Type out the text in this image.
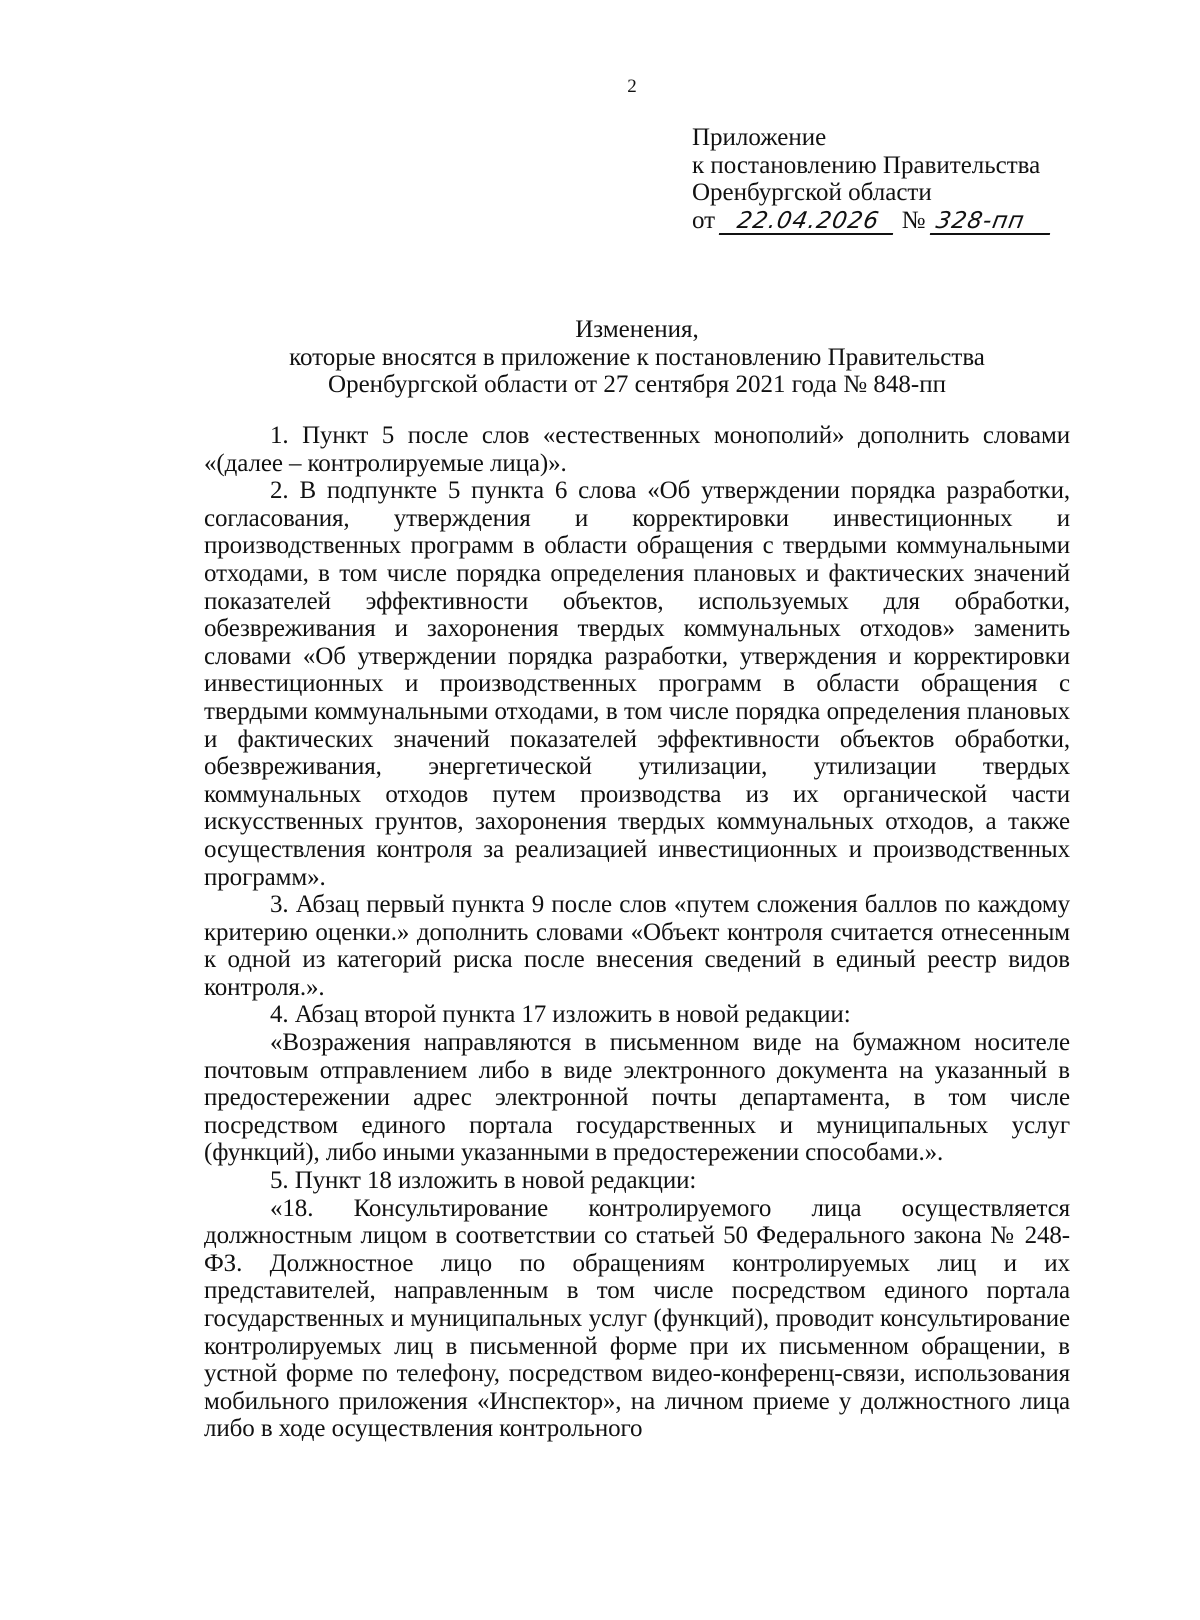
2
Приложение
к постановлению Правительства
Оренбургской области
от 22.04.2026 № 328-пп
Изменения,
которые вносятся в приложение к постановлению Правительства
Оренбургской области от 27 сентября 2021 года № 848-пп

1. Пункт 5 после слов «естественных монополий» дополнить словами «(далее – контролируемые лица)».

2. В подпункте 5 пункта 6 слова «Об утверждении порядка разработки, согласования, утверждения и корректировки инвестиционных и производственных программ в области обращения с твердыми коммунальными отходами, в том числе порядка определения плановых и фактических значений показателей эффективности объектов, используемых для обработки, обезвреживания и захоронения твердых коммунальных отходов» заменить словами «Об утверждении порядка разработки, утверждения и корректировки инвестиционных и производственных программ в области обращения с твердыми коммунальными отходами, в том числе порядка определения плановых и фактических значений показателей эффективности объектов обработки, обезвреживания, энергетической утилизации, утилизации твердых коммунальных отходов путем производства из их органической части искусственных грунтов, захоронения твердых коммунальных отходов, а также осуществления контроля за реализацией инвестиционных и производственных программ».

3. Абзац первый пункта 9 после слов «путем сложения баллов по каждому критерию оценки.» дополнить словами «Объект контроля считается отнесенным к одной из категорий риска после внесения сведений в единый реестр видов контроля.».

4. Абзац второй пункта 17 изложить в новой редакции:

«Возражения направляются в письменном виде на бумажном носителе почтовым отправлением либо в виде электронного документа на указанный в предостережении адрес электронной почты департамента, в том числе посредством единого портала государственных и муниципальных услуг (функций), либо иными указанными в предостережении способами.».

5. Пункт 18 изложить в новой редакции:

«18. Консультирование контролируемого лица осуществляется должностным лицом в соответствии со статьей 50 Федерального закона № 248-ФЗ. Должностное лицо по обращениям контролируемых лиц и их представителей, направленным в том числе посредством единого портала государственных и муниципальных услуг (функций), проводит консультирование контролируемых лиц в письменной форме при их письменном обращении, в устной форме по телефону, посредством видео-конференц-связи, использования мобильного приложения «Инспектор», на личном приеме у должностного лица либо в ходе осуществления контрольного
